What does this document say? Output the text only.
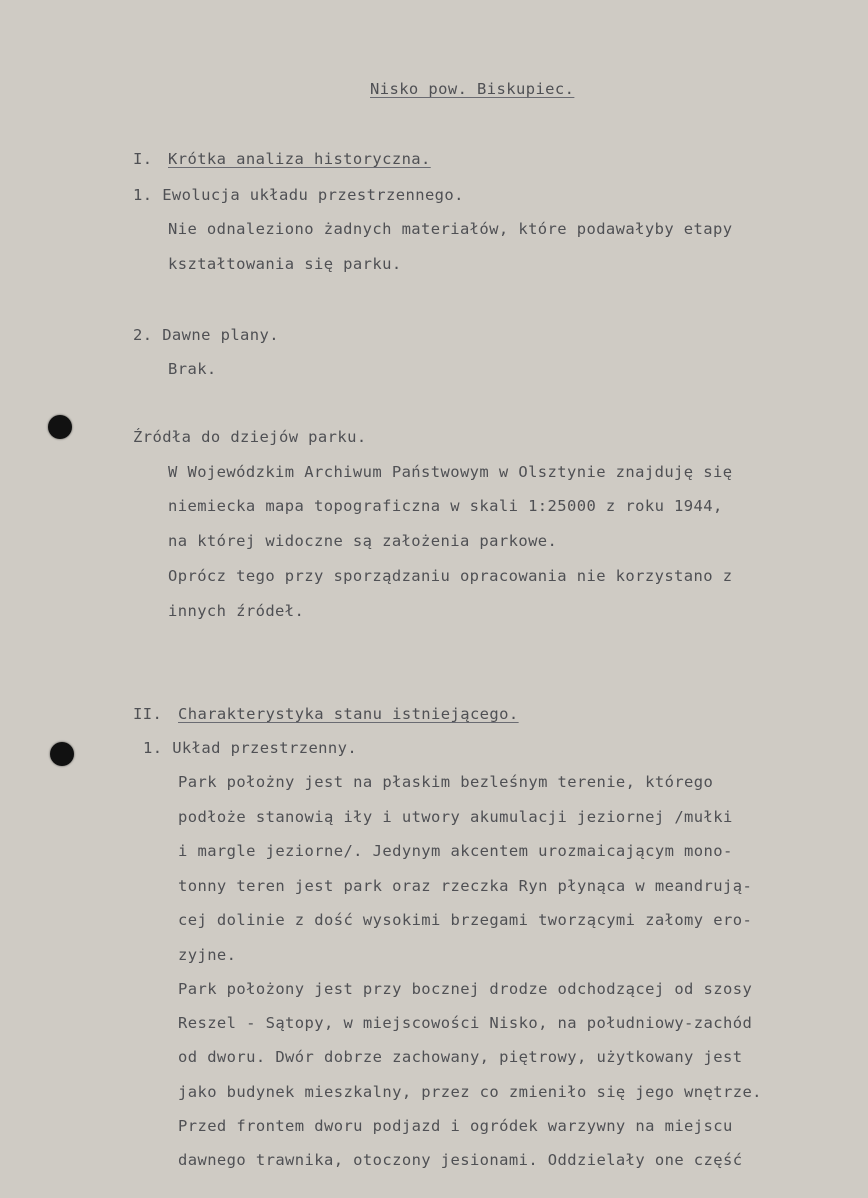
Nisko pow. Biskupiec.
I. Krótka analiza historyczna.
1. Ewolucja układu przestrzennego.
Nie odnaleziono żadnych materiałów, które podawałyby etapy
kształtowania się parku.
2. Dawne plany.
Brak.
Źródła do dziejów parku.
W Wojewódzkim Archiwum Państwowym w Olsztynie znajduję się
niemiecka mapa topograficzna w skali 1:25000 z roku 1944,
na której widoczne są założenia parkowe.
Oprócz tego przy sporządzaniu opracowania nie korzystano z
innych źródeł.
II. Charakterystyka stanu istniejącego.
1. Układ przestrzenny.
Park położny jest na płaskim bezleśnym terenie, którego
podłoże stanowią iły i utwory akumulacji jeziornej /mułki
i margle jeziorne/. Jedynym akcentem urozmaicającym mono-
tonny teren jest park oraz rzeczka Ryn płynąca w meandrują-
cej dolinie z dość wysokimi brzegami tworzącymi załomy ero-
zyjne.
Park położony jest przy bocznej drodze odchodzącej od szosy
Reszel - Sątopy, w miejscowości Nisko, na południowy-zachód
od dworu. Dwór dobrze zachowany, piętrowy, użytkowany jest
jako budynek mieszkalny, przez co zmieniło się jego wnętrze.
Przed frontem dworu podjazd i ogródek warzywny na miejscu
dawnego trawnika, otoczony jesionami. Oddzielały one część
